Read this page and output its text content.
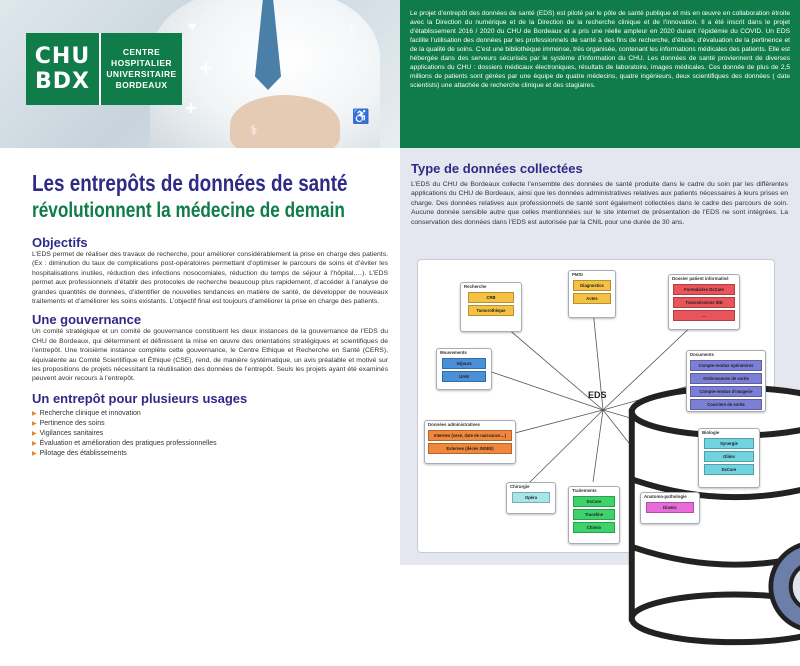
♥
✚
✚
⚕
♿
⚕
CHU
BDX
CENTRE
HOSPITALIER
UNIVERSITAIRE
BORDEAUX

Le projet d’entrepôt des données de santé (EDS) est piloté par le pôle de santé publique et mis en œuvre en collaboration étroite avec la Direction du numérique et de la Direction de la recherche clinique et de l’innovation. Il a été inscrit dans le projet d’établissement 2016 / 2020 du CHU de Bordeaux et a pris une réelle ampleur en 2020 durant l’épidémie du COVID. Un EDS facilite l’utilisation des données par les professionnels de santé à des fins de recherche, d’étude, d’évaluation de la pertinence et de la qualité de soins. C’est une bibliothèque immense, très organisée, contenant les informations médicales des patients. Elle est hébergée dans des serveurs sécurisés par le système d’information du CHU. Les données de santé proviennent de diverses applications du CHU : dossiers médicaux électroniques, résultats de laboratoire, images médicales. Ces donnée de plus de 2,5 millions de patients sont gérées par une équipe de quatre médecins, quatre ingénieurs, deux scientifiques des données ( date scientists) une attachée de recherche clinique et des stagiaires.

Les entrepôts de données de santé
révolutionnent la médecine de demain
Objectifs

L’EDS permet de réaliser des travaux de recherche, pour améliorer considérablement la prise en charge des patients. (Ex : diminution du taux de complications post-opératoires permettant d’optimiser le parcours de soins et d’éviter les hospitalisations inutiles, réduction des infections nosocomiales, réduction du temps de séjour à l’hôpital,…). L’EDS permet aux professionnels d’établir des protocoles de recherche beaucoup plus rapidement, d’accéder à l’analyse de grandes quantités de données, d’identifier de nouvelles tendances en matière de santé, de développer de nouveaux traitements et d’améliorer les soins existants. L’objectif final est toujours d’améliorer la prise en charge des patients.

Une gouvernance

Un comité stratégique et un comité de gouvernance constituent les deux instances de la gouvernance de l’EDS du CHU de Bordeaux, qui déterminent et définissent la mise en œuvre des orientations stratégiques et scientifiques de l’entrepôt. Une troisième instance complète cette gouvernance, le Centre Ethique et Recherche en Santé (CERS), équivalente au Comité Scientifique et Éthique (CSE), rend, de manière systématique, un avis préalable et motivé sur les propositions de projets nécessitant la réutilisation des données de l’entrepôt. Seuls les projets ayant été examinés peuvent avoir recours à l’entrepôt.

Un entrepôt pour plusieurs usages
▶ Recherche clinique et innovation
▶ Pertinence des soins
▶ Vigilances sanitaires
▶ Évaluation et amélioration des pratiques professionnelles
▶ Pilotage des établissements
Type de données collectées

L’EDS du CHU de Bordeaux collecte l’ensemble des données de santé produite dans le cadre du soin par les différentes applications du CHU de Bordeaux, ainsi que les données administratives relatives aux patients nécessaires à leurs prises en charge. Des données relatives aux professionnels de santé sont également collectées dans le cadre des parcours de soin. Aucune donnée sensible autre que celles mentionnées sur le site internet de présentation de l’EDS ne sont intégrées. La conservation des données dans l’EDS est autorisée par la CNIL pour une durée de 30 ans.

EDS
Recherche
CRB
Tumorothèque
PMSI
Diagnostics
Actes
Dossier patient informatisé
Formulaires DxCare
Transmissions IDE
...
Mouvements
Séjours
UAM
Documents
Compte-rendus opératoires
Ordonnances de sortie
Compte-rendus d’imagerie
Courriers de sortie
Données administratives
Internes (sexe, date de naissance…)
Externes (décès INSEE)
Biologie
Synergie
Glims
DxCare
Chirurgie
Opéra
Traitements
DxCare
Traceline
Chimio
Anatomo-pathologie
Diamic
